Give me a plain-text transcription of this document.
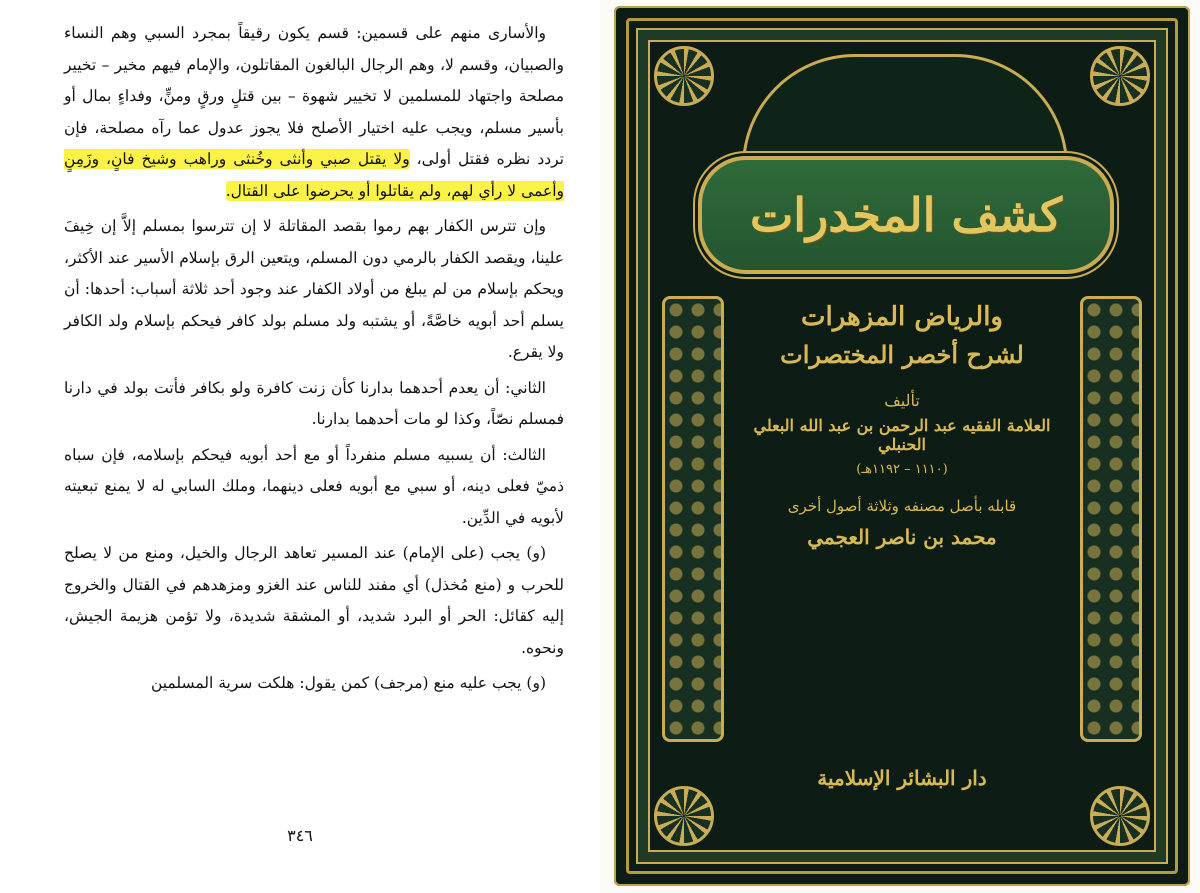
والأسارى منهم على قسمين: قسم يكون رقيقاً بمجرد السبي وهم النساء والصبيان، وقسم لا، وهم الرجال البالغون المقاتلون، والإمام فيهم مخير – تخيير مصلحة واجتهاد للمسلمين لا تخيير شهوة – بين قتلٍ ورقٍ ومنٍّ، وفداءٍ بمال أو بأسير مسلم، ويجب عليه اختيار الأصلح فلا يجوز عدول عما رآه مصلحة، فإن تردد نظره فقتل أولى، ولا يقتل صبي وأنثى وخُنثى وراهب وشيخ فانٍ، وزَمِنٍ وأعمى لا رأي لهم، ولم يقاتلوا أو يحرضوا على القتال.

وإن تترس الكفار بهم رموا بقصد المقاتلة لا إن تترسوا بمسلم إلاَّ إن خِيفَ علينا، ويقصد الكفار بالرمي دون المسلم، ويتعين الرق بإسلام الأسير عند الأكثر، ويحكم بإسلام من لم يبلغ من أولاد الكفار عند وجود أحد ثلاثة أسباب: أحدها: أن يسلم أحد أبويه خاصَّةً، أو يشتبه ولد مسلم بولد كافر فيحكم بإسلام ولد الكافر ولا يقرع.

الثاني: أن يعدم أحدهما بدارنا كأن زنت كافرة ولو بكافر فأتت بولد في دارنا فمسلم نصّاً، وكذا لو مات أحدهما بدارنا.

الثالث: أن يسبيه مسلم منفرداً أو مع أحد أبويه فيحكم بإسلامه، فإن سباه ذميّ فعلى دينه، أو سبي مع أبويه فعلى دينهما، وملك السابي له لا يمنع تبعيته لأبويه في الدِّين.

(و) يجب (على الإمام) عند المسير تعاهد الرجال والخيل، ومنع من لا يصلح للحرب و (منع مُخذل) أي مفند للناس عند الغزو ومزهدهم في القتال والخروج إليه كقائل: الحر أو البرد شديد، أو المشقة شديدة، ولا تؤمن هزيمة الجيش، ونحوه.

(و) يجب عليه منع (مرجف) كمن يقول: هلكت سرية المسلمين

٣٤٦
كشف المخدرات
والرياض المزهرات
لشرح أخصر المختصرات
تأليف
العلامة الفقيه عبد الرحمن بن عبد الله البعلي الحنبلي
(١١١٠ – ١١٩٢هـ)
قابله بأصل مصنفه وثلاثة أصول أخرى
محمد بن ناصر العجمي
دار البشائر الإسلامية
